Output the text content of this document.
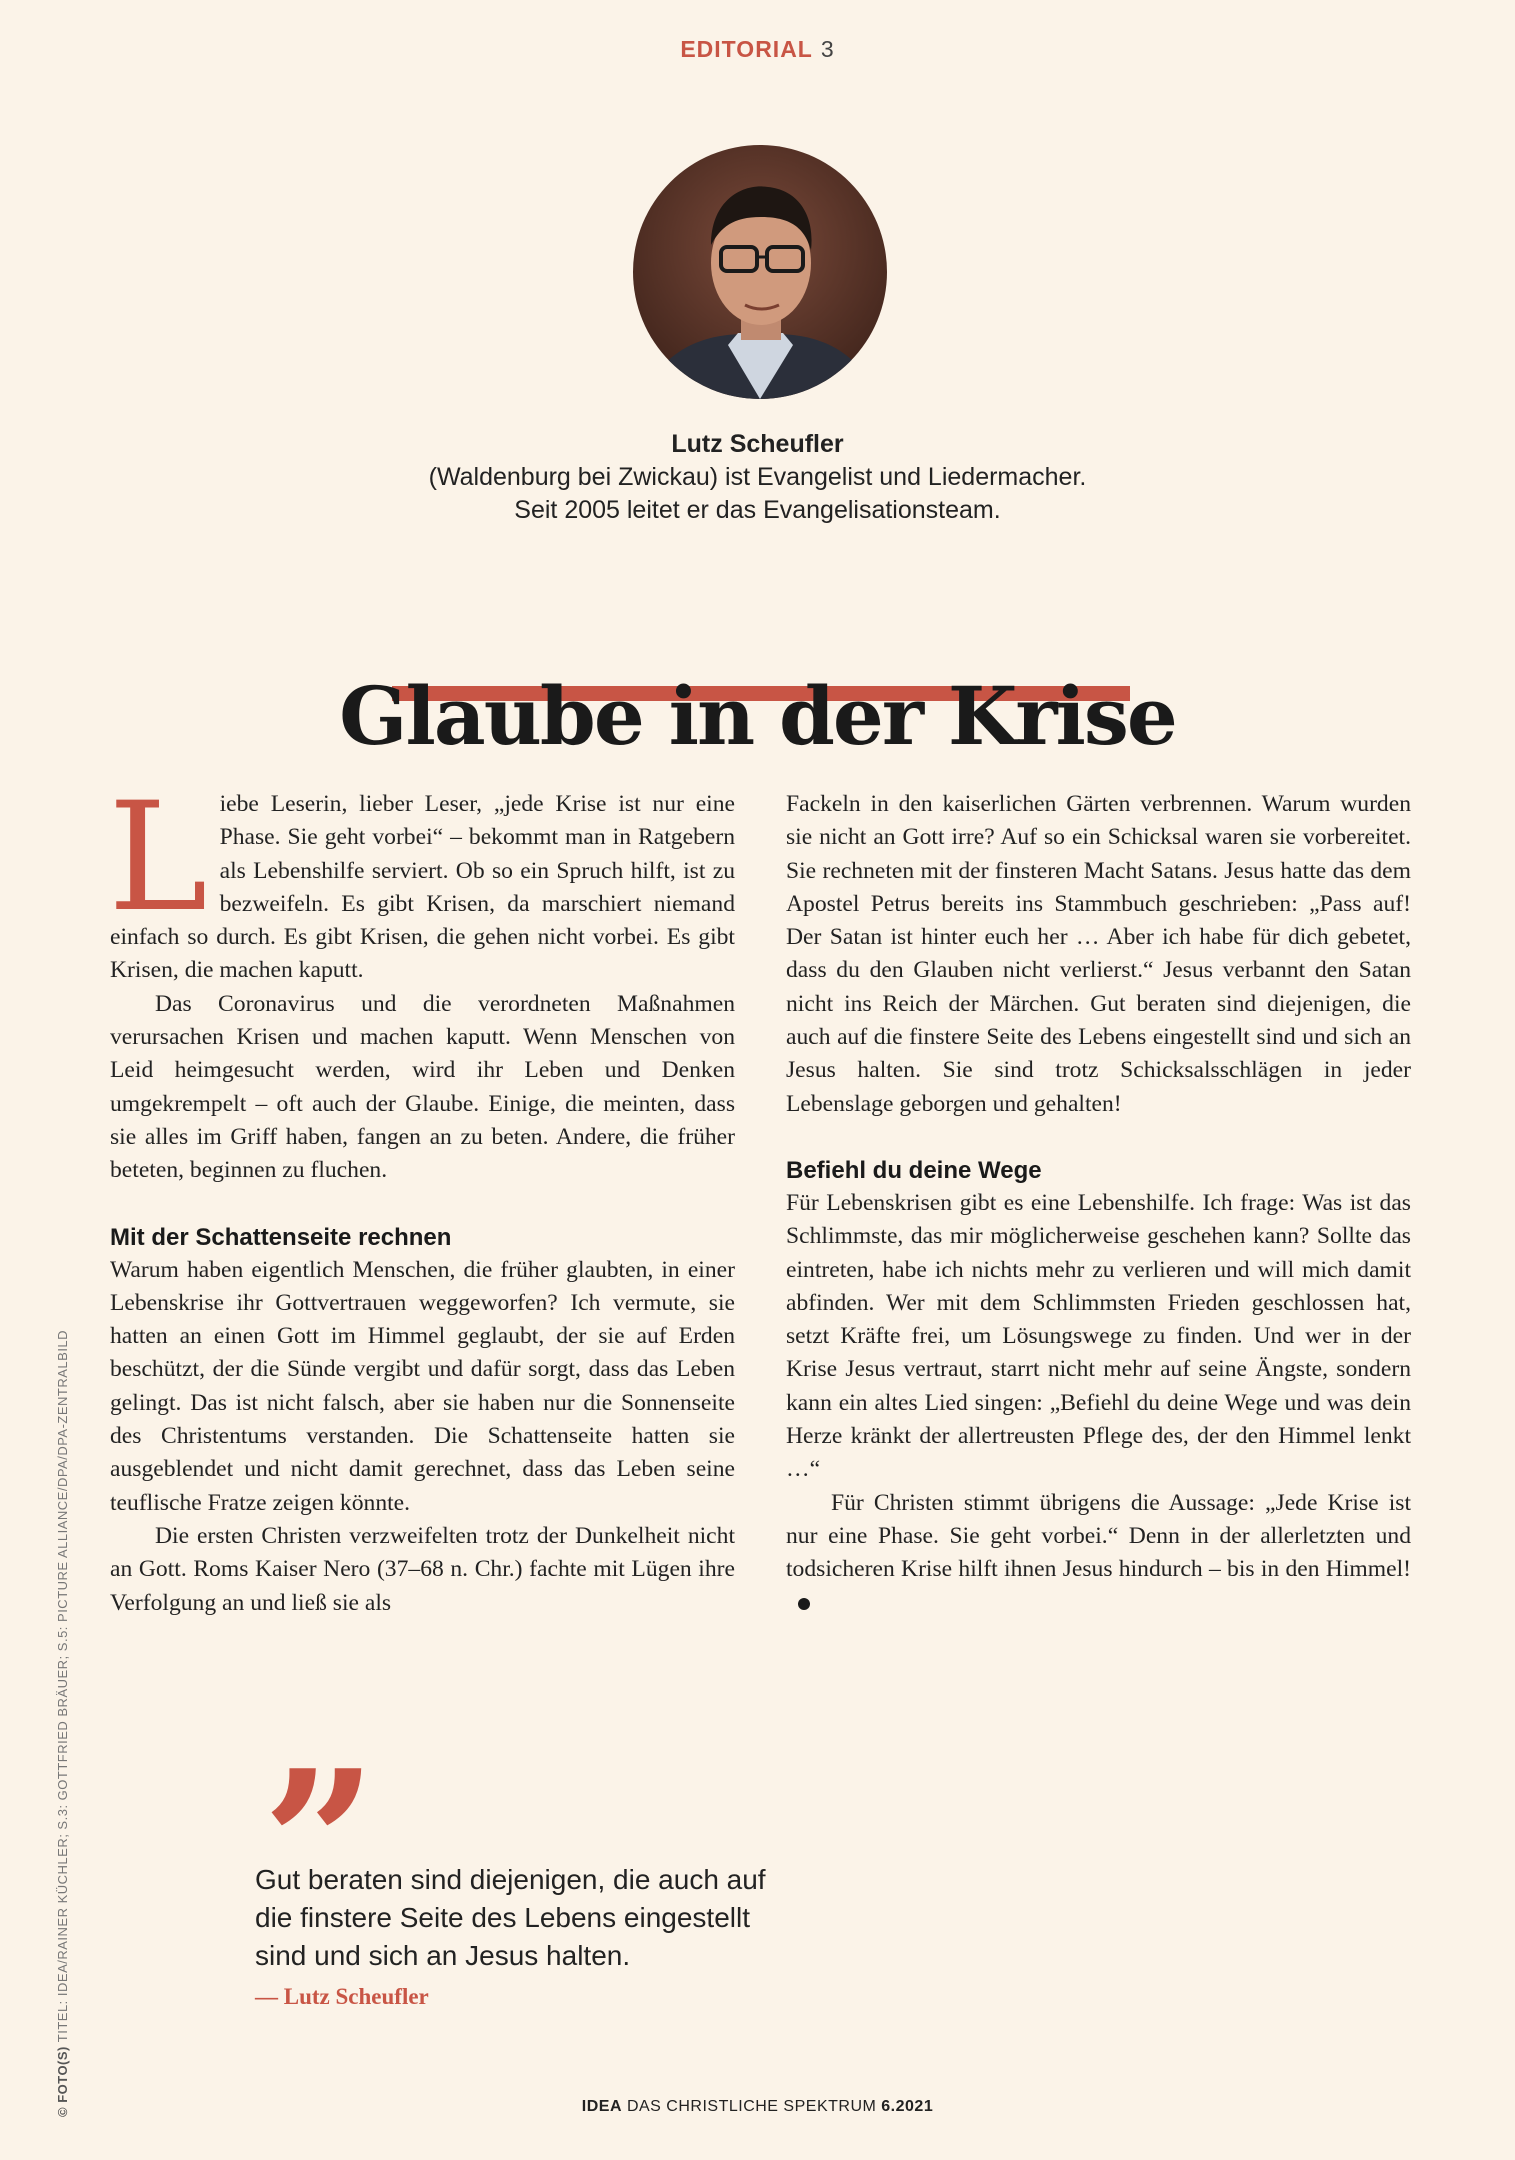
EDITORIAL 3
Lutz Scheufler
(Waldenburg bei Zwickau) ist Evangelist und Liedermacher.
Seit 2005 leitet er das Evangelisationsteam.
Glaube in der Krise

Liebe Leserin, lieber Leser, „jede Krise ist nur eine Phase. Sie geht vorbei“ – bekommt man in Ratgebern als Lebenshilfe serviert. Ob so ein Spruch hilft, ist zu bezweifeln. Es gibt Krisen, da marschiert niemand einfach so durch. Es gibt Krisen, die gehen nicht vorbei. Es gibt Krisen, die machen kaputt.

Das Coronavirus und die verordneten Maßnahmen verursachen Krisen und machen kaputt. Wenn Menschen von Leid heimgesucht werden, wird ihr Leben und Denken umgekrempelt – oft auch der Glaube. Einige, die meinten, dass sie alles im Griff haben, fangen an zu beten. Andere, die früher beteten, beginnen zu fluchen.

Mit der Schattenseite rechnen

Warum haben eigentlich Menschen, die früher glaubten, in einer Lebenskrise ihr Gottvertrauen weggeworfen? Ich vermute, sie hatten an einen Gott im Himmel geglaubt, der sie auf Erden beschützt, der die Sünde vergibt und dafür sorgt, dass das Leben gelingt. Das ist nicht falsch, aber sie haben nur die Sonnenseite des Christentums verstanden. Die Schattenseite hatten sie ausgeblendet und nicht damit gerechnet, dass das Leben seine teuflische Fratze zeigen könnte.

Die ersten Christen verzweifelten trotz der Dunkelheit nicht an Gott. Roms Kaiser Nero (37–68 n. Chr.) fachte mit Lügen ihre Verfolgung an und ließ sie als

Fackeln in den kaiserlichen Gärten verbrennen. Warum wurden sie nicht an Gott irre? Auf so ein Schicksal waren sie vorbereitet. Sie rechneten mit der finsteren Macht Satans. Jesus hatte das dem Apostel Petrus bereits ins Stammbuch geschrieben: „Pass auf! Der Satan ist hinter euch her … Aber ich habe für dich gebetet, dass du den Glauben nicht verlierst.“ Jesus verbannt den Satan nicht ins Reich der Märchen. Gut beraten sind diejenigen, die auch auf die finstere Seite des Lebens eingestellt sind und sich an Jesus halten. Sie sind trotz Schicksalsschlägen in jeder Lebenslage geborgen und gehalten!

Befiehl du deine Wege

Für Lebenskrisen gibt es eine Lebenshilfe. Ich frage: Was ist das Schlimmste, das mir möglicherweise geschehen kann? Sollte das eintreten, habe ich nichts mehr zu verlieren und will mich damit abfinden. Wer mit dem Schlimmsten Frieden geschlossen hat, setzt Kräfte frei, um Lösungswege zu finden. Und wer in der Krise Jesus vertraut, starrt nicht mehr auf seine Ängste, sondern kann ein altes Lied singen: „Befiehl du deine Wege und was dein Herze kränkt der allertreusten Pflege des, der den Himmel lenkt …“

Für Christen stimmt übrigens die Aussage: „Jede Krise ist nur eine Phase. Sie geht vorbei.“ Denn in der allerletzten und todsicheren Krise hilft ihnen Jesus hindurch – bis in den Himmel!

”
Gut beraten sind diejenigen, die auch auf die finstere Seite des Lebens eingestellt sind und sich an Jesus halten.
— Lutz Scheufler
© FOTO(S) TITEL: IDEA/RAINER KÜCHLER; S.3: GOTTFRIED BRÄUER; S.5: PICTURE ALLIANCE/DPA/DPA-ZENTRALBILD
IDEA DAS CHRISTLICHE SPEKTRUM 6.2021
